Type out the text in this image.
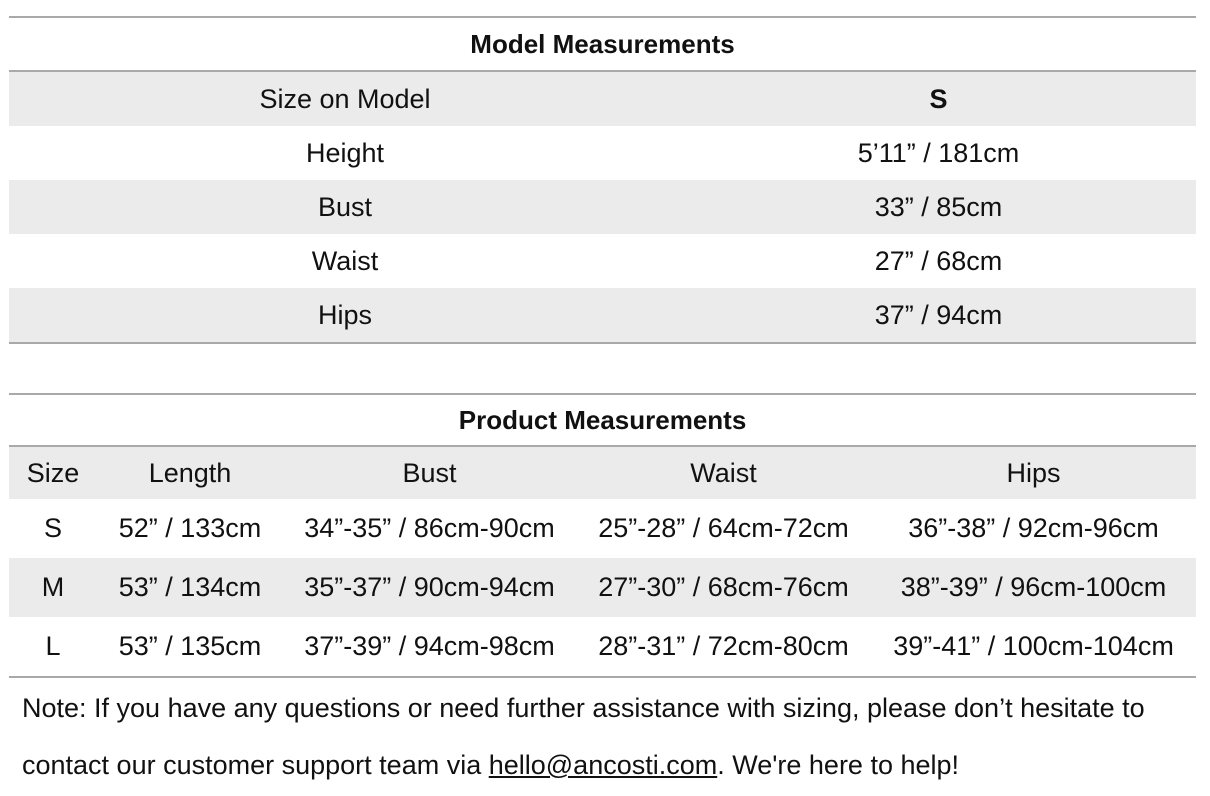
Model Measurements	
Size on Model	S
Height	5’11” / 181cm
Bust	33” / 85cm
Waist	27” / 68cm
Hips	37” / 94cm
Product Measurements				
Size	Length	Bust	Waist	Hips
S	52” / 133cm	34”-35” / 86cm-90cm	25”-28” / 64cm-72cm	36”-38” / 92cm-96cm
M	53” / 134cm	35”-37” / 90cm-94cm	27”-30” / 68cm-76cm	38”-39” / 96cm-100cm
L	53” / 135cm	37”-39” / 94cm-98cm	28”-31” / 72cm-80cm	39”-41” / 100cm-104cm

Note: If you have any questions or need further assistance with sizing, please don’t hesitate to contact our customer support team via hello@ancosti.com. We're here to help!
